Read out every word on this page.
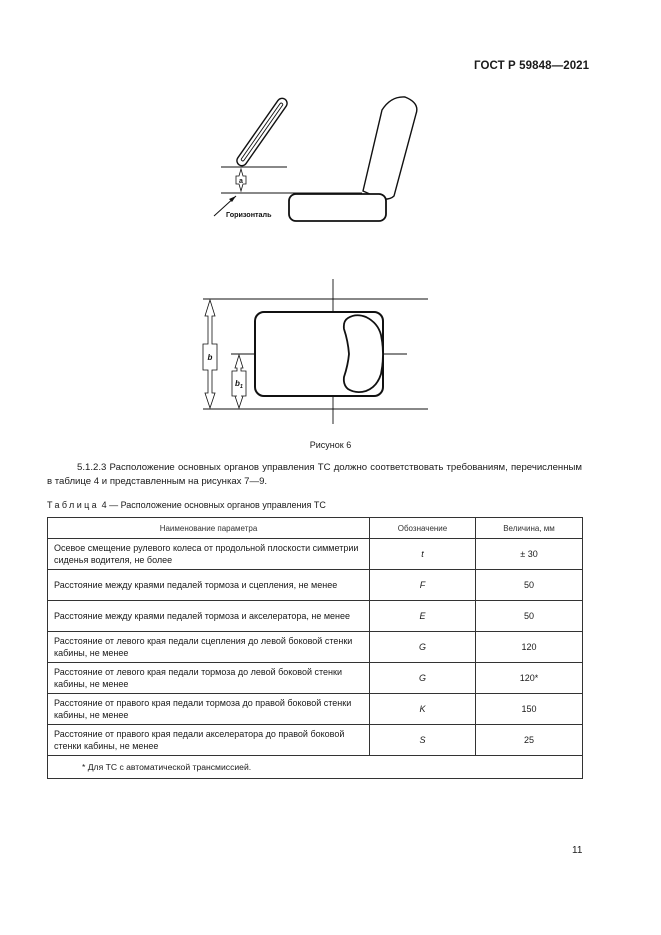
ГОСТ Р 59848—2021
a
Горизонталь
b
$b_1$
Рисунок 6
5.1.2.3 Расположение основных органов управления ТС должно соответствовать требованиям, перечисленным в таблице 4 и представленным на рисунках 7—9.
Таблица 4 — Расположение основных органов управления ТС
Наименование параметра	Обозначение	Величина, мм
Осевое смещение рулевого колеса от продольной плоскости симметрии сиденья водителя, не более	t	± 30
Расстояние между краями педалей тормоза и сцепления, не менее	F	50
Расстояние между краями педалей тормоза и акселератора, не менее	E	50
Расстояние от левого края педали сцепления до левой боковой стенки кабины, не менее	G	120
Расстояние от левого края педали тормоза до левой боковой стенки кабины, не менее	G	120*
Расстояние от правого края педали тормоза до правой боковой стенки кабины, не менее	K	150
Расстояние от правого края педали акселератора до правой боковой стенки кабины, не менее	S	25
* Для ТС с автоматической трансмиссией.		
11
